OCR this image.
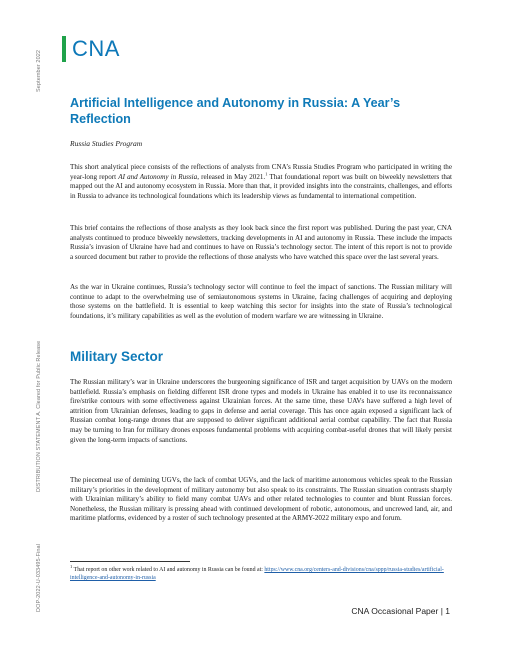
September 2022
DISTRIBUTION STATEMENT A. Cleared for Public Release
DOP-2022-U-033495-Final
CNA
Artificial Intelligence and Autonomy in Russia: A Year’s Reflection
Russia Studies Program
This short analytical piece consists of the reflections of analysts from CNA’s Russia Studies Program who participated in writing the year-long report AI and Autonomy in Russia, released in May 2021.$^1$ That foundational report was built on biweekly newsletters that mapped out the AI and autonomy ecosystem in Russia. More than that, it provided insights into the constraints, challenges, and efforts in Russia to advance its technological foundations which its leadership views as fundamental to international competition.
This brief contains the reflections of those analysts as they look back since the first report was published. During the past year, CNA analysts continued to produce biweekly newsletters, tracking developments in AI and autonomy in Russia. These include the impacts Russia’s invasion of Ukraine have had and continues to have on Russia’s technology sector. The intent of this report is not to provide a sourced document but rather to provide the reflections of those analysts who have watched this space over the last several years.
As the war in Ukraine continues, Russia’s technology sector will continue to feel the impact of sanctions. The Russian military will continue to adapt to the overwhelming use of semiautonomous systems in Ukraine, facing challenges of acquiring and deploying those systems on the battlefield. It is essential to keep watching this sector for insights into the state of Russia’s technological foundations, it’s military capabilities as well as the evolution of modern warfare we are witnessing in Ukraine.
Military Sector
The Russian military’s war in Ukraine underscores the burgeoning significance of ISR and target acquisition by UAVs on the modern battlefield. Russia’s emphasis on fielding different ISR drone types and models in Ukraine has enabled it to use its reconnaissance fire/strike contours with some effectiveness against Ukrainian forces. At the same time, these UAVs have suffered a high level of attrition from Ukrainian defenses, leading to gaps in defense and aerial coverage. This has once again exposed a significant lack of Russian combat long-range drones that are supposed to deliver significant additional aerial combat capability. The fact that Russia may be turning to Iran for military drones exposes fundamental problems with acquiring combat-useful drones that will likely persist given the long-term impacts of sanctions.
The piecemeal use of demining UGVs, the lack of combat UGVs, and the lack of maritime autonomous vehicles speak to the Russian military’s priorities in the development of military autonomy but also speak to its constraints. The Russian situation contrasts sharply with Ukrainian military’s ability to field many combat UAVs and other related technologies to counter and blunt Russian forces. Nonetheless, the Russian military is pressing ahead with continued development of robotic, autonomous, and uncrewed land, air, and maritime platforms, evidenced by a roster of such technology presented at the ARMY-2022 military expo and forum.
$^1$ That report on other work related to AI and autonomy in Russia can be found at: https://www.cna.org/centers-and-divisions/cna/sppp/russia-studies/artificial-intelligence-and-autonomy-in-russia
CNA Occasional Paper | 1
